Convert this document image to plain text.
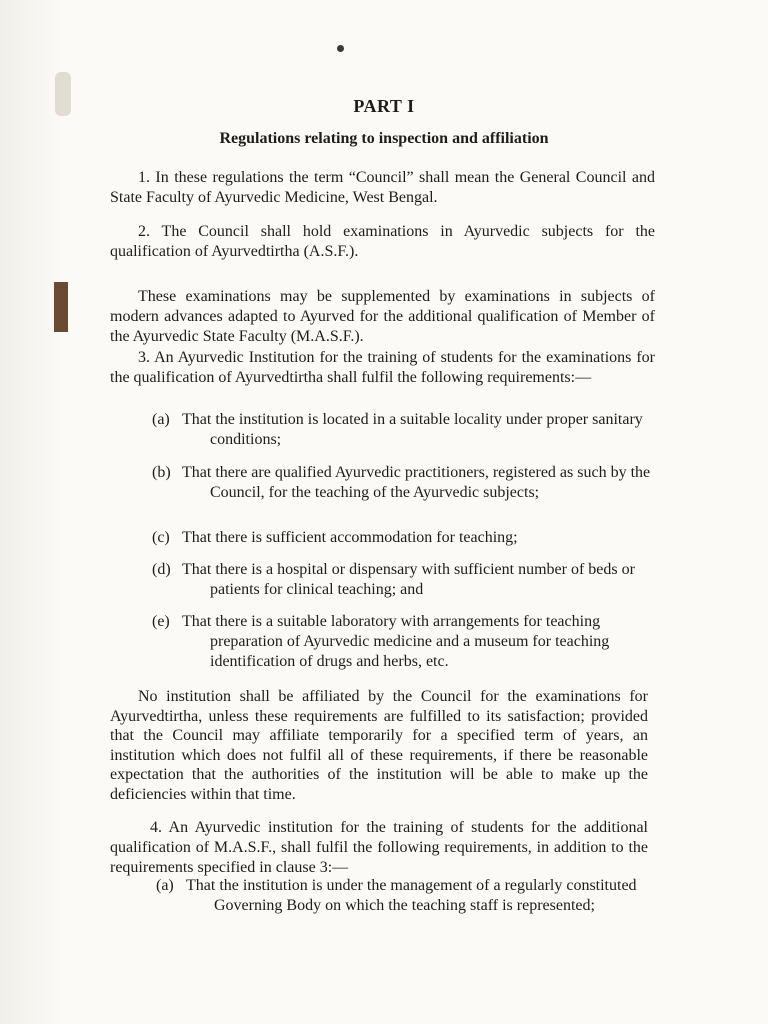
PART I
Regulations relating to inspection and affiliation

1. In these regulations the term “Council” shall mean the General Council and State Faculty of Ayurvedic Medicine, West Bengal.

2. The Council shall hold examinations in Ayurvedic subjects for the qualification of Ayurvedtirtha (A.S.F.).

These examinations may be supplemented by examinations in subjects of modern advances adapted to Ayurved for the additional qualification of Member of the Ayurvedic State Faculty (M.A.S.F.).

3. An Ayurvedic Institution for the training of students for the examinations for the qualification of Ayurvedtirtha shall fulfil the following requirements:—

(a) That the institution is located in a suitable locality under proper sanitary conditions;
(b) That there are qualified Ayurvedic practitioners, registered as such by the Council, for the teaching of the Ayurvedic subjects;
(c) That there is sufficient accommodation for teaching;
(d) That there is a hospital or dispensary with sufficient number of beds or patients for clinical teaching; and
(e) That there is a suitable laboratory with arrangements for teaching preparation of Ayurvedic medicine and a museum for teaching identification of drugs and herbs, etc.

No institution shall be affiliated by the Council for the examinations for Ayurvedtirtha, unless these requirements are fulfilled to its satisfaction; provided that the Council may affiliate temporarily for a specified term of years, an institution which does not fulfil all of these requirements, if there be reasonable expectation that the authorities of the institution will be able to make up the deficiencies within that time.

4. An Ayurvedic institution for the training of students for the additional qualification of M.A.S.F., shall fulfil the following requirements, in addition to the requirements specified in clause 3:—

(a) That the institution is under the management of a regularly constituted Governing Body on which the teaching staff is represented;
